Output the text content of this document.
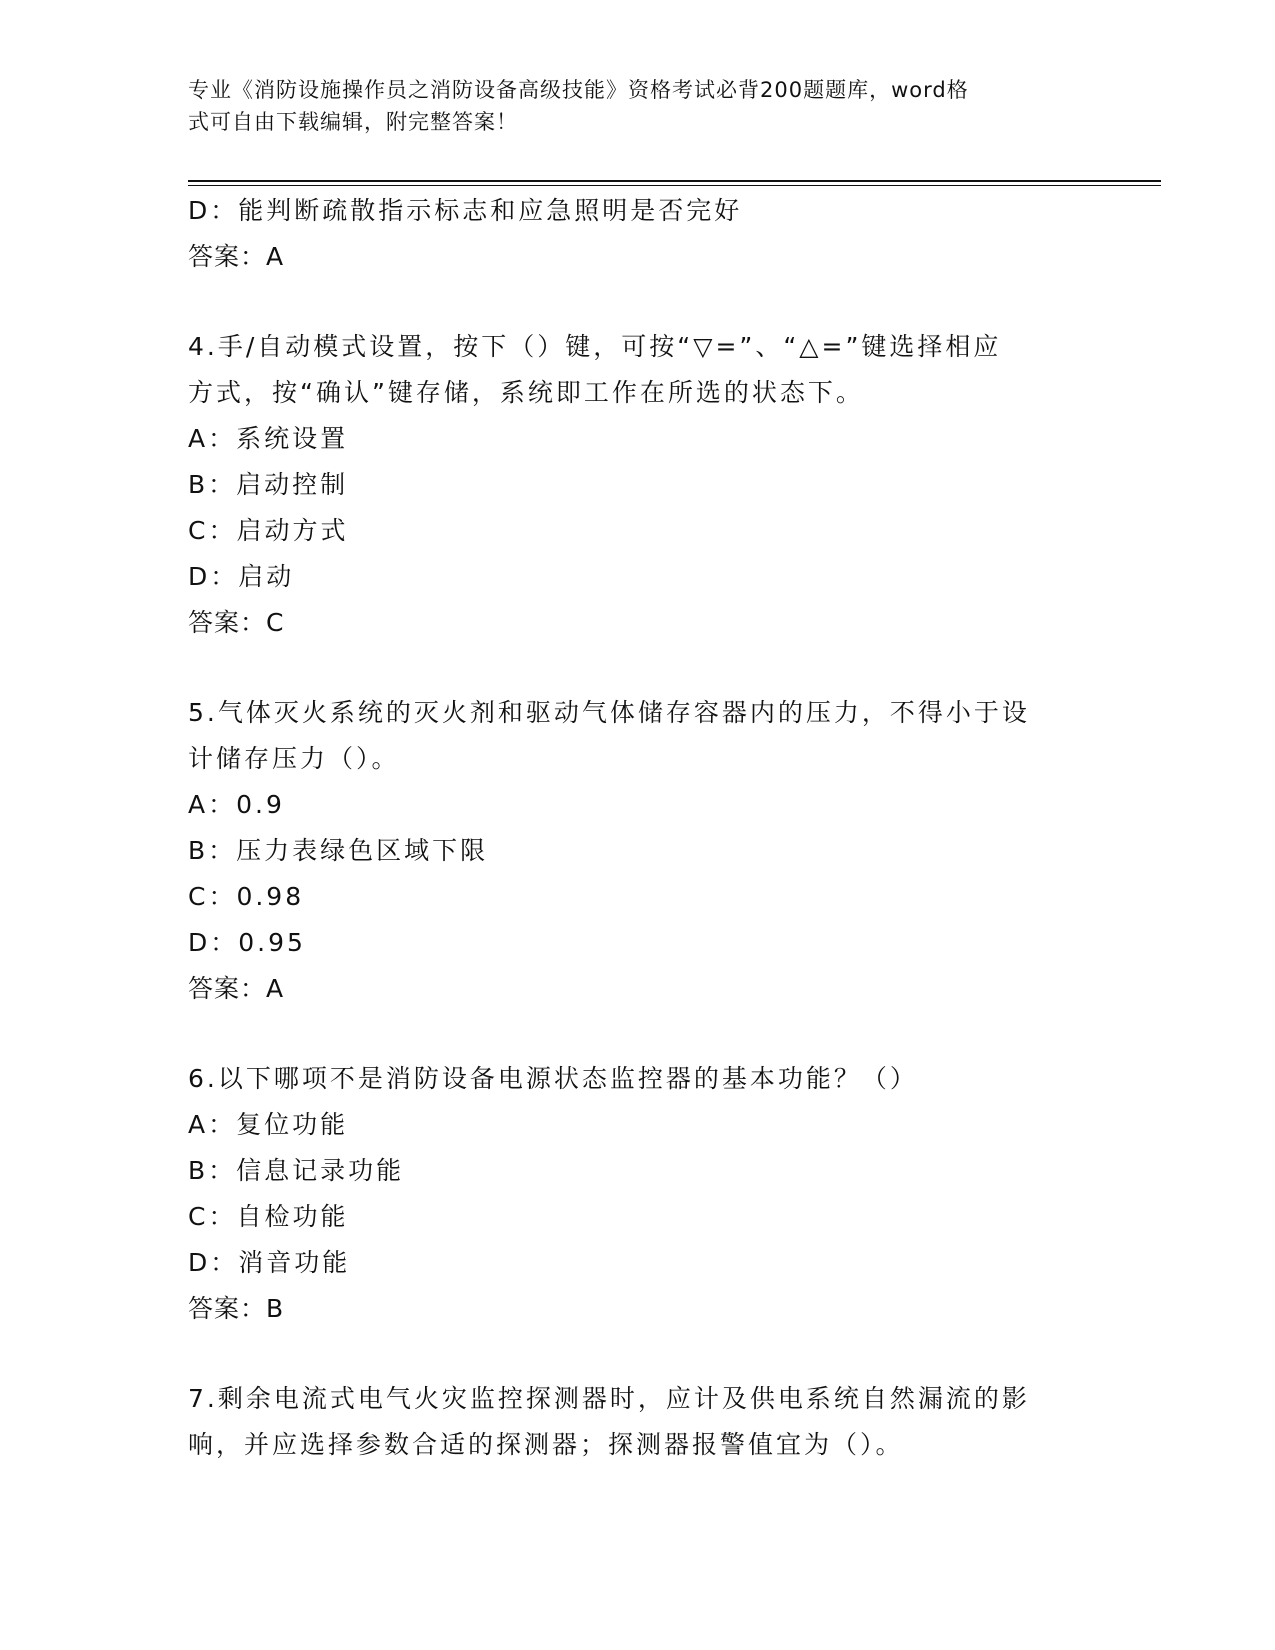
专业《消防设施操作员之消防设备高级技能》资格考试必背200题题库，word格
式可自由下载编辑，附完整答案！
D：能判断疏散指示标志和应急照明是否完好
答案：A
4.手/自动模式设置，按下（）键，可按“▽=”、“△=”键选择相应
方式，按“确认”键存储，系统即工作在所选的状态下。
A：系统设置
B：启动控制
C：启动方式
D：启动
答案：C
5.气体灭火系统的灭火剂和驱动气体储存容器内的压力，不得小于设
计储存压力（）。
A：0.9
B：压力表绿色区域下限
C：0.98
D：0.95
答案：A
6.以下哪项不是消防设备电源状态监控器的基本功能？（）
A：复位功能
B：信息记录功能
C：自检功能
D：消音功能
答案：B
7.剩余电流式电气火灾监控探测器时，应计及供电系统自然漏流的影
响，并应选择参数合适的探测器；探测器报警值宜为（）。
